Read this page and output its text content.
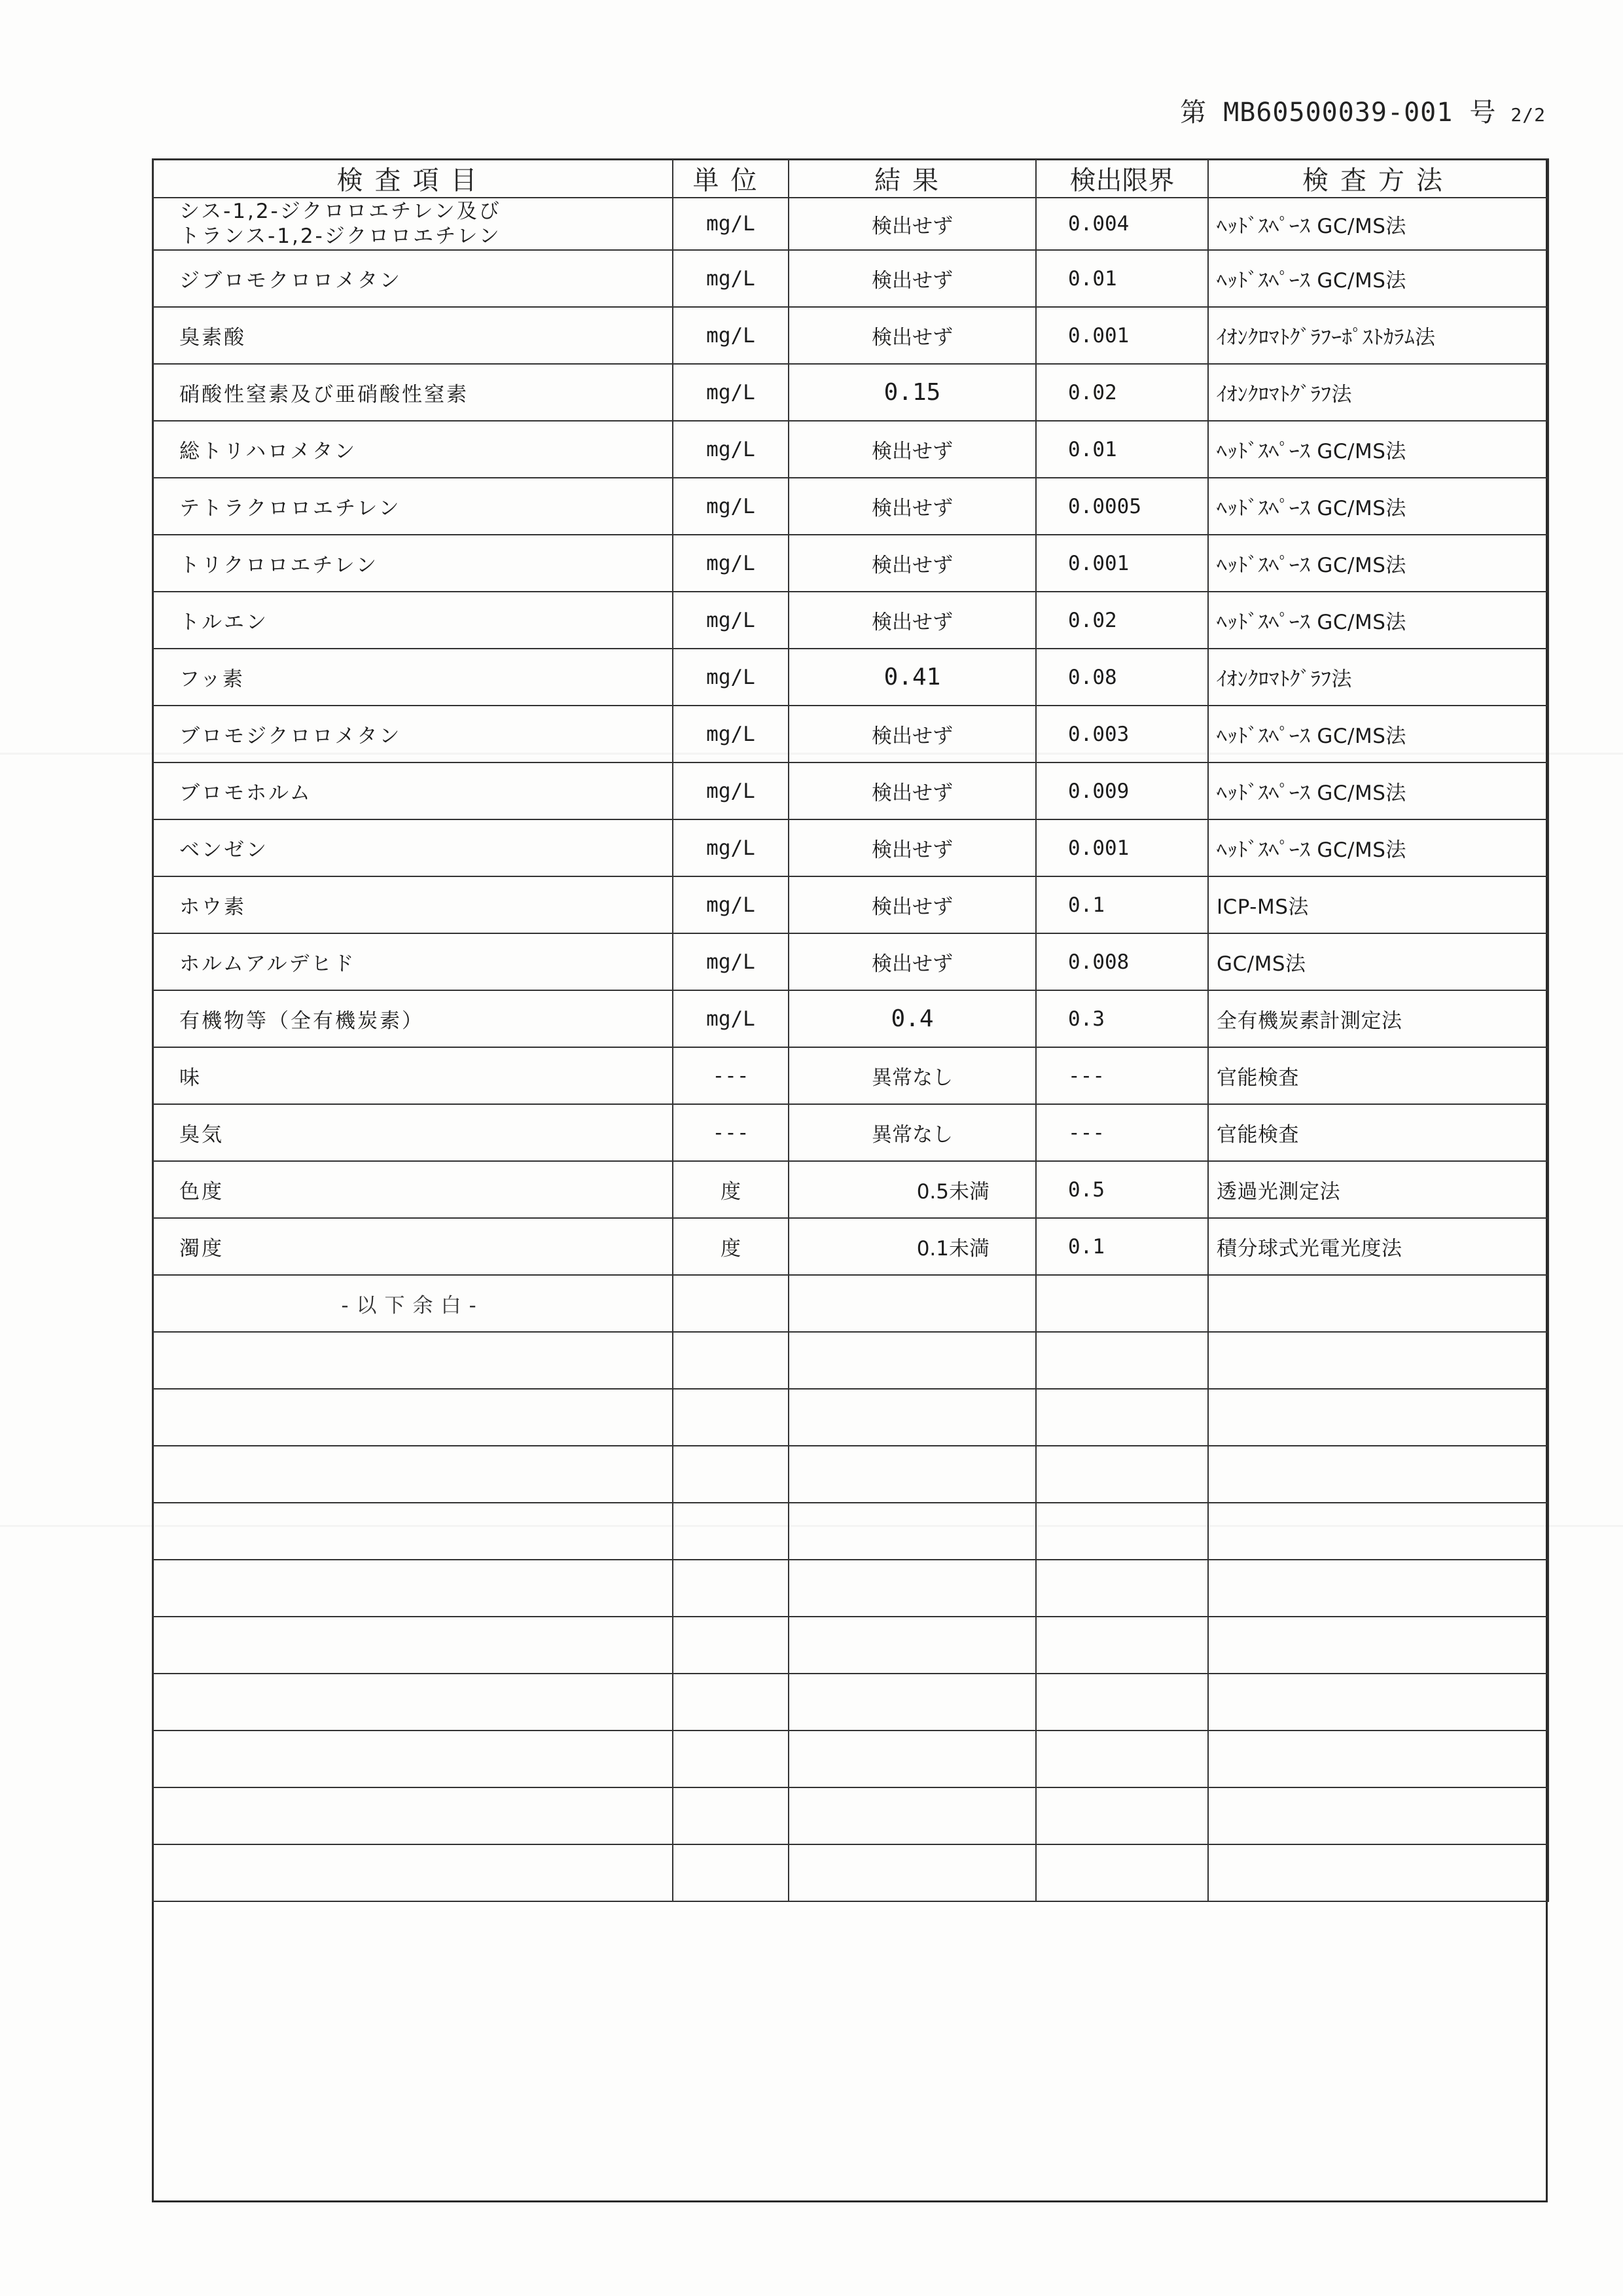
第 MB60500039-001 号 2/2
検査項目	単位	結果	検出限界	検査方法

シス-1,2-ジクロロエチレン及び
トランス-1,2-ジクロロエチレン	mg/L	検出せず	0.004	ﾍｯﾄﾞｽﾍﾟｰｽ GC/MS法
ジブロモクロロメタン	mg/L	検出せず	0.01	ﾍｯﾄﾞｽﾍﾟｰｽ GC/MS法
臭素酸	mg/L	検出せず	0.001	ｲｵﾝｸﾛﾏﾄｸﾞﾗﾌｰﾎﾟｽﾄｶﾗﾑ法
硝酸性窒素及び亜硝酸性窒素	mg/L	0.15	0.02	ｲｵﾝｸﾛﾏﾄｸﾞﾗﾌ法
総トリハロメタン	mg/L	検出せず	0.01	ﾍｯﾄﾞｽﾍﾟｰｽ GC/MS法
テトラクロロエチレン	mg/L	検出せず	0.0005	ﾍｯﾄﾞｽﾍﾟｰｽ GC/MS法
トリクロロエチレン	mg/L	検出せず	0.001	ﾍｯﾄﾞｽﾍﾟｰｽ GC/MS法
トルエン	mg/L	検出せず	0.02	ﾍｯﾄﾞｽﾍﾟｰｽ GC/MS法
フッ素	mg/L	0.41	0.08	ｲｵﾝｸﾛﾏﾄｸﾞﾗﾌ法
ブロモジクロロメタン	mg/L	検出せず	0.003	ﾍｯﾄﾞｽﾍﾟｰｽ GC/MS法
ブロモホルム	mg/L	検出せず	0.009	ﾍｯﾄﾞｽﾍﾟｰｽ GC/MS法
ベンゼン	mg/L	検出せず	0.001	ﾍｯﾄﾞｽﾍﾟｰｽ GC/MS法
ホウ素	mg/L	検出せず	0.1	ICP-MS法
ホルムアルデヒド	mg/L	検出せず	0.008	GC/MS法
有機物等（全有機炭素）	mg/L	0.4	0.3	全有機炭素計測定法
味	---	異常なし	---	官能検査
臭気	---	異常なし	---	官能検査
色度	度	0.5未満	0.5	透過光測定法
濁度	度	0.1未満	0.1	積分球式光電光度法
-以下余白-				
